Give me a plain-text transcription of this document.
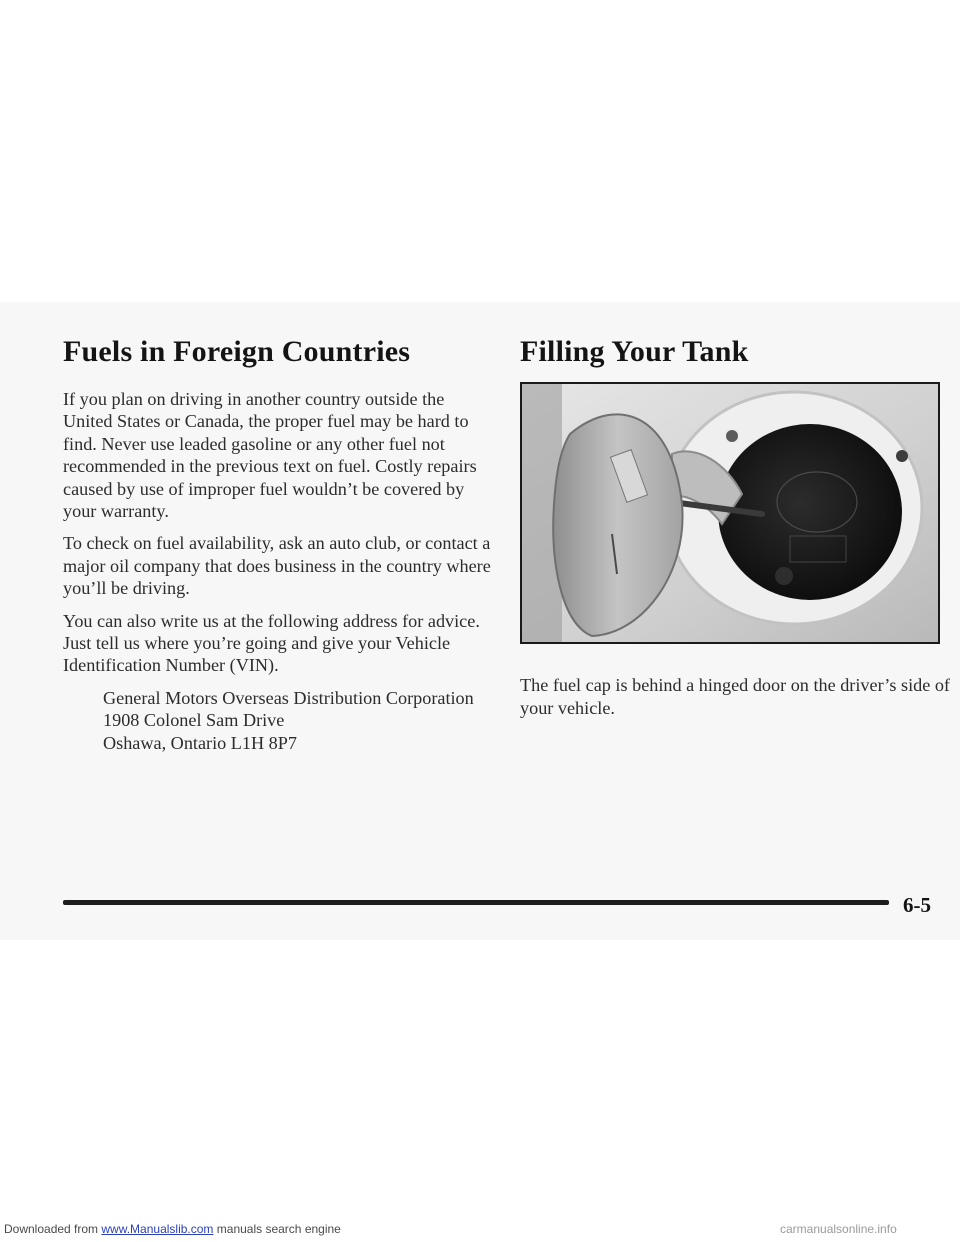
Fuels in Foreign Countries

If you plan on driving in another country outside the United States or Canada, the proper fuel may be hard to find. Never use leaded gasoline or any other fuel not recommended in the previous text on fuel. Costly repairs caused by use of improper fuel wouldn’t be covered by your warranty.

To check on fuel availability, ask an auto club, or contact a major oil company that does business in the country where you’ll be driving.

You can also write us at the following address for advice. Just tell us where you’re going and give your Vehicle Identification Number (VIN).

General Motors Overseas Distribution Corporation
1908 Colonel Sam Drive
Oshawa, Ontario L1H 8P7
Filling Your Tank

The fuel cap is behind a hinged door on the driver’s side of your vehicle.

6-5

Downloaded from www.Manualslib.com manuals search engine	carmanualsonline.info
